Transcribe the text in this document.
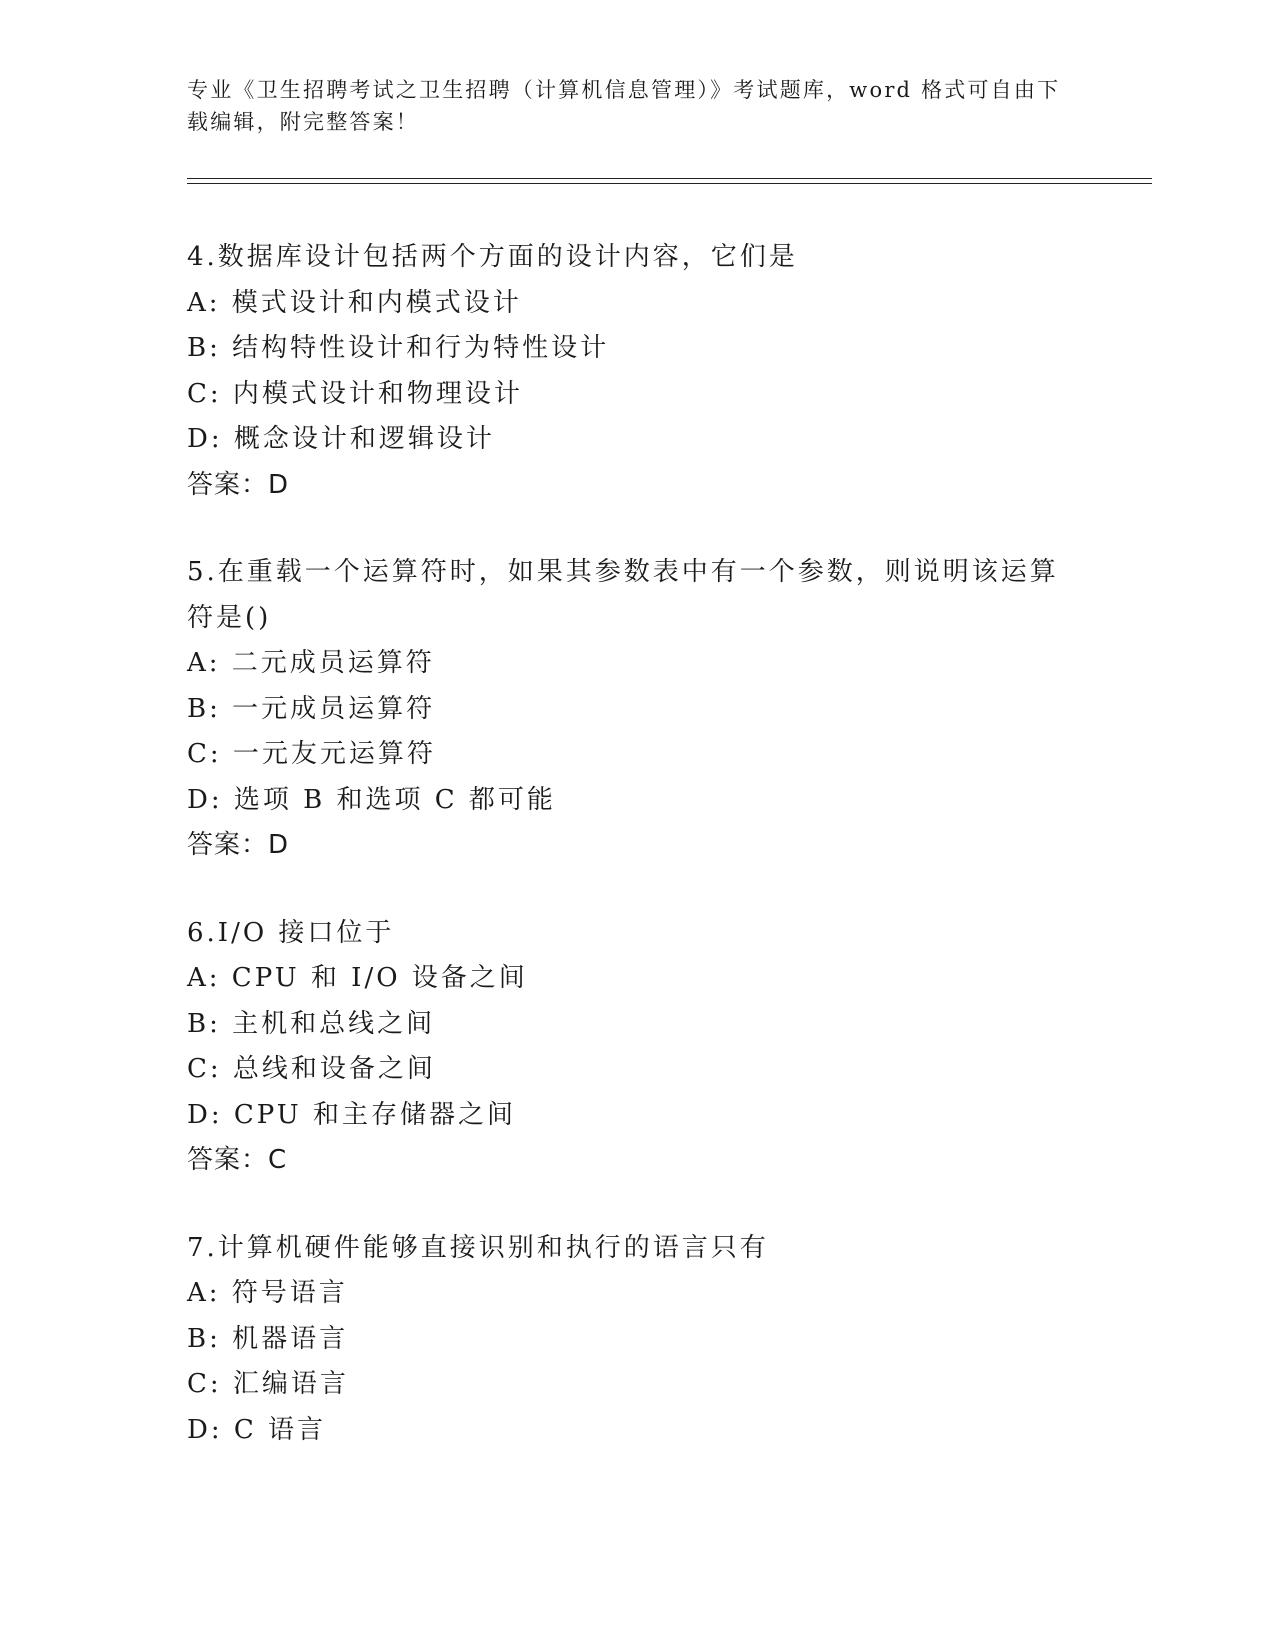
专业《卫生招聘考试之卫生招聘（计算机信息管理）》考试题库，word 格式可自由下载编辑，附完整答案！
4.数据库设计包括两个方面的设计内容，它们是
A: 模式设计和内模式设计
B: 结构特性设计和行为特性设计
C: 内模式设计和物理设计
D: 概念设计和逻辑设计
答案：D
5.在重载一个运算符时，如果其参数表中有一个参数，则说明该运算符是()
A: 二元成员运算符
B: 一元成员运算符
C: 一元友元运算符
D: 选项 B 和选项 C 都可能
答案：D
6.I/O 接口位于
A: CPU 和 I/O 设备之间
B: 主机和总线之间
C: 总线和设备之间
D: CPU 和主存储器之间
答案：C
7.计算机硬件能够直接识别和执行的语言只有
A: 符号语言
B: 机器语言
C: 汇编语言
D: C 语言
